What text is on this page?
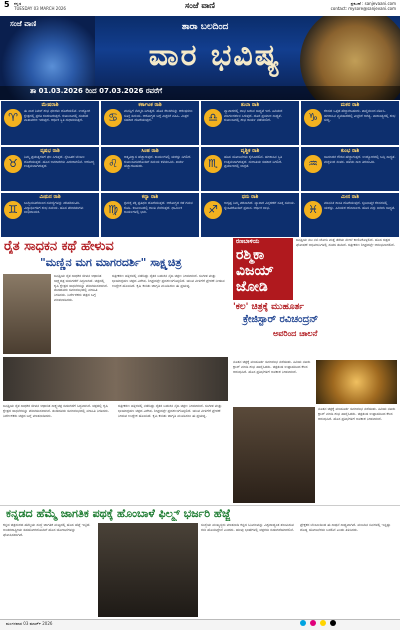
5 ಕನ್ನಡ
TUESDAY 03 MARCH 2026	ಸಂಜೆ ವಾಣಿ	ಪ್ರಕಟಣೆ : sanjevaani.com
contact: mysore@sanjevani.com
ಸಂಜೆ ವಾಣಿ	ತಾರಾ ಬಲದಿಂದ
ವಾರ ಭವಿಷ್ಯ
ತಾ 01.03.2026 ರಿಂದ 07.03.2026 ರವರೆಗೆ
ಮೇಷರಾಶಿ
♈	ಈ ವಾರ ನಿಮಗೆ ಶುಭ ಫಲಗಳು ದೊರೆಯಲಿವೆ. ಉದ್ಯೋಗ ಕ್ಷೇತ್ರದಲ್ಲಿ ಪ್ರಗತಿ ಕಂಡುಬರುತ್ತದೆ. ಕುಟುಂಬದಲ್ಲಿ ಸಂತಸದ ವಾತಾವರಣ ಇರುತ್ತದೆ. ಆರ್ಥಿಕ ಸ್ಥಿತಿ ಸುಧಾರಿಸುತ್ತದೆ.
ಕರ್ಕಾಟಕ ರಾಶಿ
♋	ಮನಸ್ಸಿಗೆ ನೆಮ್ಮದಿ ಸಿಗುತ್ತದೆ. ಹೊಸ ಕೆಲಸಗಳನ್ನು ಆರಂಭಿಸಲು ಸೂಕ್ತ ಸಮಯ. ಆರೋಗ್ಯದ ಬಗ್ಗೆ ಎಚ್ಚರಿಕೆ ವಹಿಸಿ. ಮಿತ್ರರ ಸಹಕಾರ ದೊರೆಯುತ್ತದೆ.
ತುಲಾ ರಾಶಿ
♎	ವ್ಯಾಪಾರದಲ್ಲಿ ಲಾಭ ಬರುವ ಸಾಧ್ಯತೆ ಇದೆ. ಹಿರಿಯರ ಮಾರ್ಗದರ್ಶನ ಸಿಗುತ್ತದೆ. ದೂರ ಪ್ರಯಾಣ ಸಾಧ್ಯತೆ. ಕುಟುಂಬದಲ್ಲಿ ಶುಭ ಕಾರ್ಯ ನಡೆಯಲಿದೆ.
ಮಕರ ರಾಶಿ
♑	ಕೆಲಸದ ಒತ್ತಡ ಹೆಚ್ಚಾಗಬಹುದು. ತಾಳ್ಮೆಯಿಂದ ವರ್ತಿಸಿ. ಹಣಕಾಸಿನ ವ್ಯವಹಾರದಲ್ಲಿ ಎಚ್ಚರಿಕೆ ಅಗತ್ಯ. ವಾರಾಂತ್ಯದಲ್ಲಿ ಶುಭ ಸುದ್ದಿ.
ವೃಷಭ ರಾಶಿ
♉	ನಿಮ್ಮ ಪ್ರಯತ್ನಗಳಿಗೆ ಫಲ ಸಿಗುತ್ತದೆ. ಸ್ನೇಹಿತರ ಬೆಂಬಲ ದೊರೆಯುತ್ತದೆ. ಹೊಸ ಅವಕಾಶಗಳು ಎದುರಾಗಲಿವೆ. ಆರೋಗ್ಯ ಉತ್ತಮವಾಗಿರುತ್ತದೆ.
ಸಿಂಹ ರಾಶಿ
♌	ಆತ್ಮವಿಶ್ವಾಸ ಹೆಚ್ಚಾಗುತ್ತದೆ. ಕಾರ್ಯಗಳಲ್ಲಿ ಯಶಸ್ಸು ಸಿಗಲಿದೆ. ಕುಟುಂಬದವರೊಂದಿಗೆ ಸಮಯ ಕಳೆಯುವಿರಿ. ಖರ್ಚು ಹೆಚ್ಚಾಗಬಹುದು.
ವೃಶ್ಚಿಕ ರಾಶಿ
♏	ಹೊಸ ಯೋಜನೆಗಳು ಕೈಗೂಡಲಿವೆ. ಹಣಕಾಸಿನ ಸ್ಥಿತಿ ಉತ್ತಮವಾಗಿರುತ್ತದೆ. ಸಂಗಾತಿಯ ಸಹಕಾರ ಸಿಗಲಿದೆ. ಪ್ರಯಾಣದಲ್ಲಿ ಜಾಗ್ರತೆ.
ಕುಂಭ ರಾಶಿ
♒	ಸಾಮಾಜಿಕ ಗೌರವ ಹೆಚ್ಚಾಗುತ್ತದೆ. ಉದ್ಯೋಗದಲ್ಲಿ ಬಡ್ತಿ ಸಾಧ್ಯತೆ. ಮಕ್ಕಳಿಂದ ಸಂತಸ. ಹಳೆಯ ಸಾಲ ತೀರಿಸುವಿರಿ.
ಮಿಥುನ ರಾಶಿ
♊	ಬುದ್ಧಿವಂತಿಕೆಯಿಂದ ಸಮಸ್ಯೆಗಳನ್ನು ಪರಿಹರಿಸುವಿರಿ. ವಿದ್ಯಾರ್ಥಿಗಳಿಗೆ ಶುಭ ಸಮಯ. ಹೊಸ ಪರಿಚಯಗಳು ಲಾಭದಾಯಕ.
ಕನ್ಯಾ ರಾಶಿ
♍	ಶ್ರಮಕ್ಕೆ ತಕ್ಕ ಪ್ರತಿಫಲ ದೊರೆಯುತ್ತದೆ. ಆರೋಗ್ಯದ ಕಡೆ ಗಮನ ಕೊಡಿ. ಕುಟುಂಬದಲ್ಲಿ ಶಾಂತಿ ನೆಲೆಸುತ್ತದೆ. ಧಾರ್ಮಿಕ ಕಾರ್ಯಗಳಲ್ಲಿ ಭಾಗಿ.
ಧನು ರಾಶಿ
♐	ಅದೃಷ್ಟ ನಿಮ್ಮ ಪರವಾಗಿದೆ. ವ್ಯಾಪಾರ ವಿಸ್ತರಣೆಗೆ ಸೂಕ್ತ ಸಮಯ. ಸ್ನೇಹಿತರೊಂದಿಗೆ ಪ್ರವಾಸ. ಆರ್ಥಿಕ ಲಾಭ.
ಮೀನ ರಾಶಿ
♓	ಮಾನಸಿಕ ಶಾಂತಿ ದೊರೆಯುತ್ತದೆ. ಸೃಜನಾತ್ಮಕ ಕೆಲಸಗಳಲ್ಲಿ ಯಶಸ್ಸು. ಹಿರಿಯರ ಆಶೀರ್ವಾದ. ಹೊಸ ವಸ್ತು ಖರೀದಿ ಸಾಧ್ಯತೆ.
ರೈತ ಸಾಧಕನ ಕಥೆ ಹೇಳುವ
"ಮಣ್ಣಿನ ಮಗ ಮಾಗರದರ್ಶಿ" ಸಾಕ್ಷ್ಯಚಿತ್ರ
ಜನಪ್ರಿಯ ರೈತ ಸಾಧಕರ ಜೀವನ ಆಧಾರಿತ ಸಾಕ್ಷ್ಯಚಿತ್ರ ಬಿಡುಗಡೆಗೆ ಸಿದ್ಧವಾಗಿದೆ. ಚಿತ್ರದಲ್ಲಿ ಕೃಷಿ ಕ್ಷೇತ್ರದ ಸಾಧನೆಗಳನ್ನು ಪರಿಚಯಿಸಲಾಗಿದೆ. ತಂಡದವರು ಸಮಾರಂಭದಲ್ಲಿ ಮಾಹಿತಿ ನೀಡಿದರು. ನಿರ್ದೇಶಕರು ಚಿತ್ರದ ಬಗ್ಗೆ ಮಾತನಾಡಿದರು.
ಚಿತ್ರೀಕರಣ ಹಳ್ಳಿಗಳಲ್ಲಿ ನಡೆದಿದ್ದು ರೈತರ ಬದುಕಿನ ನೈಜ ಚಿತ್ರಣ ನೀಡಲಾಗಿದೆ. ಸಂಗೀತ ಮತ್ತು ಛಾಯಾಗ್ರಹಣ ಚಿತ್ರದ ವಿಶೇಷ. ಶೀಘ್ರದಲ್ಲೇ ಪ್ರದರ್ಶನಗೊಳ್ಳಲಿದೆ. ಯುವ ಪೀಳಿಗೆಗೆ ಪ್ರೇರಣೆ ನೀಡುವ ಉದ್ದೇಶ ಹೊಂದಿದೆ. ಕೃಷಿ ಕುರಿತು ಜಾಗೃತಿ ಮೂಡಿಸಲು ಈ ಪ್ರಯತ್ನ.
ಜನಪ್ರಿಯ ರೈತ ಸಾಧಕರ ಜೀವನ ಆಧಾರಿತ ಸಾಕ್ಷ್ಯಚಿತ್ರ ಬಿಡುಗಡೆಗೆ ಸಿದ್ಧವಾಗಿದೆ. ಚಿತ್ರದಲ್ಲಿ ಕೃಷಿ ಕ್ಷೇತ್ರದ ಸಾಧನೆಗಳನ್ನು ಪರಿಚಯಿಸಲಾಗಿದೆ. ತಂಡದವರು ಸಮಾರಂಭದಲ್ಲಿ ಮಾಹಿತಿ ನೀಡಿದರು. ನಿರ್ದೇಶಕರು ಚಿತ್ರದ ಬಗ್ಗೆ ಮಾತನಾಡಿದರು.
ಚಿತ್ರೀಕರಣ ಹಳ್ಳಿಗಳಲ್ಲಿ ನಡೆದಿದ್ದು ರೈತರ ಬದುಕಿನ ನೈಜ ಚಿತ್ರಣ ನೀಡಲಾಗಿದೆ. ಸಂಗೀತ ಮತ್ತು ಛಾಯಾಗ್ರಹಣ ಚಿತ್ರದ ವಿಶೇಷ. ಶೀಘ್ರದಲ್ಲೇ ಪ್ರದರ್ಶನಗೊಳ್ಳಲಿದೆ. ಯುವ ಪೀಳಿಗೆಗೆ ಪ್ರೇರಣೆ ನೀಡುವ ಉದ್ದೇಶ ಹೊಂದಿದೆ. ಕೃಷಿ ಕುರಿತು ಜಾಗೃತಿ ಮೂಡಿಸಲು ಈ ಪ್ರಯತ್ನ.
ರಣಬಾಳಿಯ
ರಶ್ಮಿಕಾ
ವಿಜಯ್
ಜೋಡಿ
ಜನಪ್ರಿಯ ನಟ ನಟಿ ಜೋಡಿ ಮತ್ತೆ ತೆರೆಯ ಮೇಲೆ ಕಾಣಿಸಿಕೊಳ್ಳಲಿದೆ. ಹೊಸ ಚಿತ್ರದ ಘೋಷಣೆ ಅಭಿಮಾನಿಗಳಲ್ಲಿ ಸಂತಸ ತಂದಿದೆ. ಚಿತ್ರೀಕರಣ ಶೀಘ್ರದಲ್ಲೇ ಆರಂಭವಾಗಲಿದೆ.
'ಕಲ' ಚಿತ್ರಕ್ಕೆ ಮುಹೂರ್ತ
ಕ್ರೇಜಿಸ್ಟಾರ್ ರವಿಚಂದ್ರನ್
ಅವರಿಂದ ಚಾಲನೆ
ನೂತನ ಚಿತ್ರಕ್ಕೆ ಮುಹೂರ್ತ ಸಮಾರಂಭ ನಡೆಯಿತು. ಹಿರಿಯ ನಟರು ಕ್ಲಾಪ್ ಮಾಡಿ ಶುಭ ಹಾರೈಸಿದರು. ಚಿತ್ರತಂಡ ಉತ್ಸಾಹದಿಂದ ಕೆಲಸ ಆರಂಭಿಸಿದೆ. ಹೊಸ ಪ್ರತಿಭೆಗಳಿಗೆ ಅವಕಾಶ ನೀಡಲಾಗಿದೆ.
ನೂತನ ಚಿತ್ರಕ್ಕೆ ಮುಹೂರ್ತ ಸಮಾರಂಭ ನಡೆಯಿತು. ಹಿರಿಯ ನಟರು ಕ್ಲಾಪ್ ಮಾಡಿ ಶುಭ ಹಾರೈಸಿದರು. ಚಿತ್ರತಂಡ ಉತ್ಸಾಹದಿಂದ ಕೆಲಸ ಆರಂಭಿಸಿದೆ. ಹೊಸ ಪ್ರತಿಭೆಗಳಿಗೆ ಅವಕಾಶ ನೀಡಲಾಗಿದೆ.
ಕನ್ನಡದ ಹೆಮ್ಮೆ ಜಾಗತಿಕ ಪಥಕ್ಕೆ ಹೊಂಬಾಳೆ ಫಿಲ್ಮ್ಸ್ ಭರ್ಜರಿ ಹೆಜ್ಜೆ
ಕನ್ನಡ ಚಿತ್ರರಂಗದ ಹೆಮ್ಮೆಯ ಸಂಸ್ಥೆ ಜಾಗತಿಕ ಮಟ್ಟದಲ್ಲಿ ಹೊಸ ಹೆಜ್ಜೆ ಇಟ್ಟಿದೆ. ಅಂತರರಾಷ್ಟ್ರೀಯ ಸಹಯೋಗದೊಂದಿಗೆ ಹೊಸ ಯೋಜನೆಗಳನ್ನು ಘೋಷಿಸಲಾಗಿದೆ.
ಸಂಸ್ಥೆಯ ಮುಖ್ಯಸ್ಥರು ಮಾತನಾಡಿ ಕನ್ನಡ ಸಿನಿಮಾವನ್ನು ವಿಶ್ವದಾದ್ಯಂತ ತಲುಪಿಸುವ ಗುರಿ ಹೊಂದಿದ್ದೇವೆ ಎಂದರು. ಹಲವು ಭಾಷೆಗಳಲ್ಲಿ ಚಿತ್ರಗಳು ಬಿಡುಗಡೆಯಾಗಲಿವೆ.
ಪ್ರೇಕ್ಷಕರ ಬೆಂಬಲದಿಂದ ಈ ಸಾಧನೆ ಸಾಧ್ಯವಾಗಿದೆ. ಮುಂದಿನ ದಿನಗಳಲ್ಲಿ ಇನ್ನಷ್ಟು ದೊಡ್ಡ ಯೋಜನೆಗಳು ಬರಲಿವೆ ಎಂದು ತಿಳಿಸಿದರು.
ಮಂಗಳವಾರ 03 ಮಾರ್ಚ್ 2026
